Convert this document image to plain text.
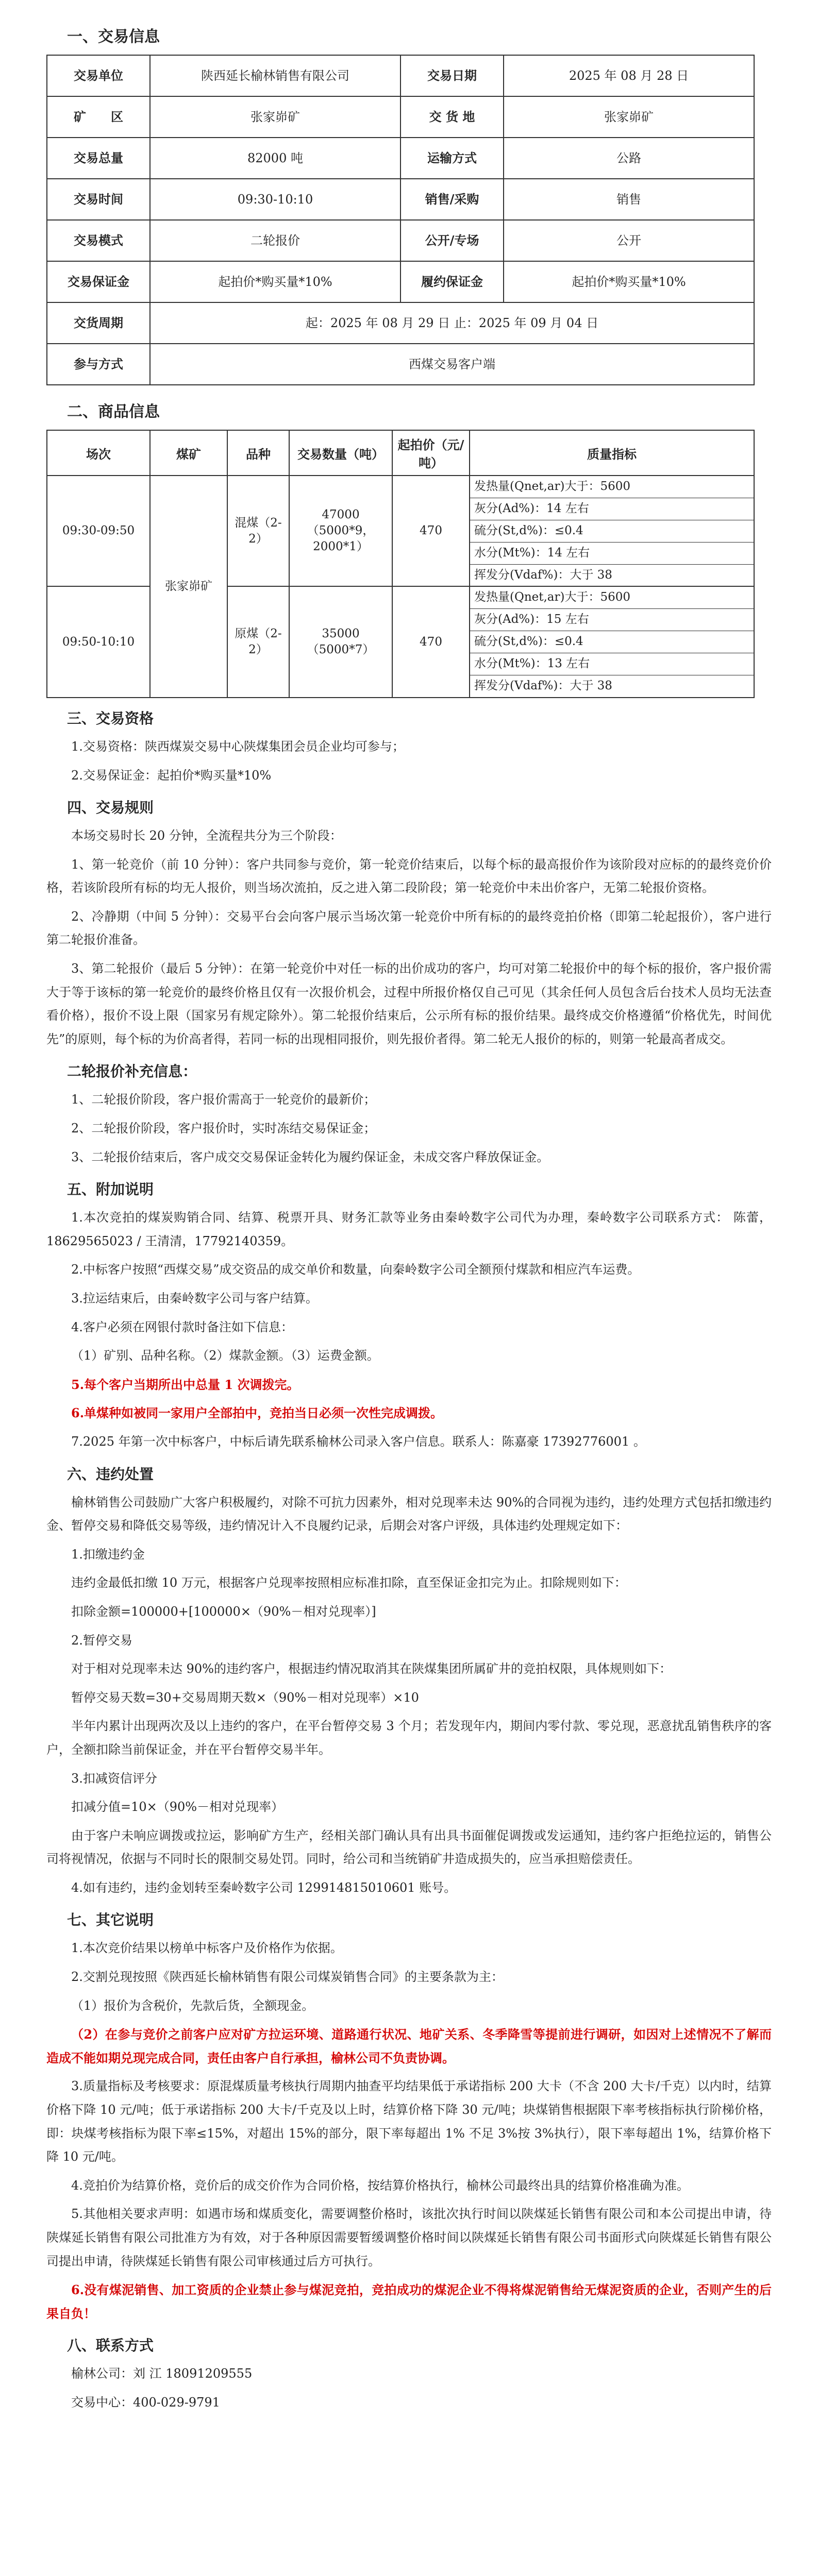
一、交易信息
交易单位	陕西延长榆林销售有限公司	交易日期	2025 年 08 月 28 日
矿　　区	张家峁矿	交 货 地	张家峁矿
交易总量	82000 吨	运输方式	公路
交易时间	09:30-10:10	销售/采购	销售
交易模式	二轮报价	公开/专场	公开
交易保证金	起拍价*购买量*10%	履约保证金	起拍价*购买量*10%
交货周期	起：2025 年 08 月 29 日 止：2025 年 09 月 04 日		
参与方式	西煤交易客户端		
二、商品信息
场次	煤矿	品种	交易数量（吨）	起拍价（元/吨）	质量指标
09:30-09:50	张家峁矿	混煤（2-2）	47000（5000*9，2000*1）	470	发热量(Qnet,ar)大于：5600
灰分(Ad%)：14 左右
硫分(St,d%)：≤0.4
水分(Mt%)：14 左右
挥发分(Vdaf%)：大于 38

09:50-10:10		原煤（2-2）	35000（5000*7）	470	发热量(Qnet,ar)大于：5600
灰分(Ad%)：15 左右
硫分(St,d%)：≤0.4
水分(Mt%)：13 左右
挥发分(Vdaf%)：大于 38
三、交易资格

1.交易资格：陕西煤炭交易中心陕煤集团会员企业均可参与；

2.交易保证金：起拍价*购买量*10%

四、交易规则

本场交易时长 20 分钟，全流程共分为三个阶段：

1、第一轮竞价（前 10 分钟）：客户共同参与竞价，第一轮竞价结束后，以每个标的最高报价作为该阶段对应标的的最终竞价价格，若该阶段所有标的均无人报价，则当场次流拍，反之进入第二段阶段；第一轮竞价中未出价客户，无第二轮报价资格。

2、冷静期（中间 5 分钟）：交易平台会向客户展示当场次第一轮竞价中所有标的的最终竞拍价格（即第二轮起报价），客户进行第二轮报价准备。

3、第二轮报价（最后 5 分钟）：在第一轮竞价中对任一标的出价成功的客户，均可对第二轮报价中的每个标的报价，客户报价需大于等于该标的第一轮竞价的最终价格且仅有一次报价机会，过程中所报价格仅自己可见（其余任何人员包含后台技术人员均无法查看价格），报价不设上限（国家另有规定除外）。第二轮报价结束后，公示所有标的报价结果。最终成交价格遵循“价格优先，时间优先”的原则，每个标的为价高者得，若同一标的出现相同报价，则先报价者得。第二轮无人报价的标的，则第一轮最高者成交。

二轮报价补充信息：

1、二轮报价阶段，客户报价需高于一轮竞价的最新价；

2、二轮报价阶段，客户报价时，实时冻结交易保证金；

3、二轮报价结束后，客户成交交易保证金转化为履约保证金，未成交客户释放保证金。

五、附加说明

1.本次竞拍的煤炭购销合同、结算、税票开具、财务汇款等业务由秦岭数字公司代为办理，秦岭数字公司联系方式： 陈蕾，18629565023 / 王清清，17792140359。

2.中标客户按照“西煤交易”成交资品的成交单价和数量，向秦岭数字公司全额预付煤款和相应汽车运费。

3.拉运结束后，由秦岭数字公司与客户结算。

4.客户必须在网银付款时备注如下信息：

（1）矿别、品种名称。（2）煤款金额。（3）运费金额。

5.每个客户当期所出中总量 1 次调拨完。

6.单煤种如被同一家用户全部拍中，竞拍当日必须一次性完成调拨。

7.2025 年第一次中标客户，中标后请先联系榆林公司录入客户信息。联系人：陈嘉豪 17392776001 。

六、违约处置

榆林销售公司鼓励广大客户积极履约，对除不可抗力因素外，相对兑现率未达 90%的合同视为违约，违约处理方式包括扣缴违约金、暂停交易和降低交易等级，违约情况计入不良履约记录，后期会对客户评级，具体违约处理规定如下：

1.扣缴违约金

违约金最低扣缴 10 万元，根据客户兑现率按照相应标准扣除，直至保证金扣完为止。扣除规则如下：

扣除金额=100000+[100000×（90%－相对兑现率）]

2.暂停交易

对于相对兑现率未达 90%的违约客户，根据违约情况取消其在陕煤集团所属矿井的竞拍权限，具体规则如下：

暂停交易天数=30+交易周期天数×（90%－相对兑现率）×10

半年内累计出现两次及以上违约的客户，在平台暂停交易 3 个月；若发现年内，期间内零付款、零兑现，恶意扰乱销售秩序的客户，全额扣除当前保证金，并在平台暂停交易半年。

3.扣减资信评分

扣减分值=10×（90%－相对兑现率）

由于客户未响应调拨或拉运，影响矿方生产，经相关部门确认具有出具书面催促调拨或发运通知，违约客户拒绝拉运的，销售公司将视情况，依据与不同时长的限制交易处罚。同时，给公司和当统销矿井造成损失的，应当承担赔偿责任。

4.如有违约，违约金划转至秦岭数字公司 129914815010601 账号。

七、其它说明

1.本次竞价结果以榜单中标客户及价格作为依据。

2.交割兑现按照《陕西延长榆林销售有限公司煤炭销售合同》的主要条款为主：

（1）报价为含税价，先款后货，全额现金。

（2）在参与竞价之前客户应对矿方拉运环境、道路通行状况、地矿关系、冬季降雪等提前进行调研，如因对上述情况不了解而造成不能如期兑现完成合同，责任由客户自行承担，榆林公司不负责协调。

3.质量指标及考核要求：原混煤质量考核执行周期内抽查平均结果低于承诺指标 200 大卡（不含 200 大卡/千克）以内时，结算价格下降 10 元/吨；低于承诺指标 200 大卡/千克及以上时，结算价格下降 30 元/吨；块煤销售根据限下率考核指标执行阶梯价格，即：块煤考核指标为限下率≤15%，对超出 15%的部分，限下率每超出 1% 不足 3%按 3%执行），限下率每超出 1%，结算价格下降 10 元/吨。

4.竞拍价为结算价格，竞价后的成交价作为合同价格，按结算价格执行，榆林公司最终出具的结算价格准确为准。

5.其他相关要求声明：如遇市场和煤质变化，需要调整价格时，该批次执行时间以陕煤延长销售有限公司和本公司提出申请，待陕煤延长销售有限公司批准方为有效，对于各种原因需要暂缓调整价格时间以陕煤延长销售有限公司书面形式向陕煤延长销售有限公司提出申请，待陕煤延长销售有限公司审核通过后方可执行。

6.没有煤泥销售、加工资质的企业禁止参与煤泥竞拍，竞拍成功的煤泥企业不得将煤泥销售给无煤泥资质的企业，否则产生的后果自负！

八、联系方式

榆林公司：刘 江 18091209555

交易中心：400-029-9791
